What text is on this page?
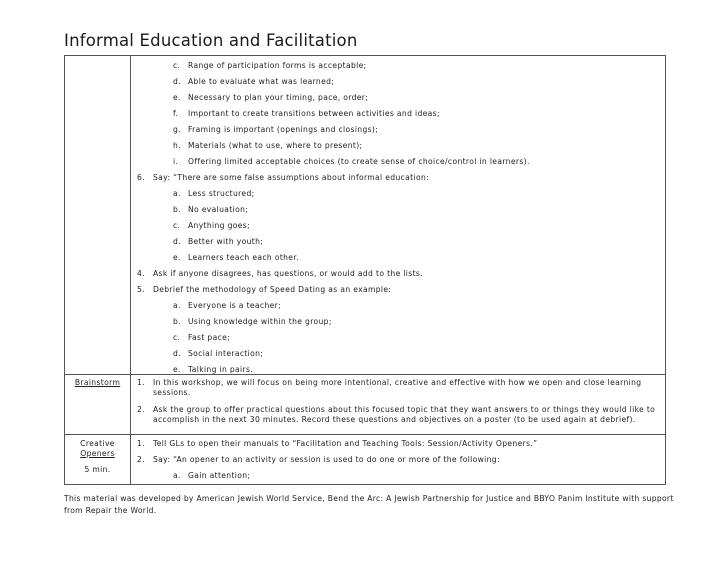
Informal Education and Facilitation
c. Range of participation forms is acceptable;
d. Able to evaluate what was learned;
e. Necessary to plan your timing, pace, order;
f. Important to create transitions between activities and ideas;
g. Framing is important (openings and closings);
h. Materials (what to use, where to present);
i. Offering limited acceptable choices (to create sense of choice/control in learners).
6. Say: “There are some false assumptions about informal education:
a. Less structured;
b. No evaluation;
c. Anything goes;
d. Better with youth;
e. Learners teach each other.
4. Ask if anyone disagrees, has questions, or would add to the lists.
5. Debrief the methodology of Speed Dating as an example:
a. Everyone is a teacher;
b. Using knowledge within the group;
c. Fast pace;
d. Social interaction;
e. Talking in pairs.
Brainstorm	1. In this workshop, we will focus on being more intentional, creative and effective with how we open and close learning sessions.
2. Ask the group to offer practical questions about this focused topic that they want answers to or things they would like to accomplish in the next 30 minutes. Record these questions and objectives on a poster (to be used again at debrief).
Creative
Openers
5 min.
1. Tell GLs to open their manuals to “Facilitation and Teaching Tools: Session/Activity Openers.”
2. Say: “An opener to an activity or session is used to do one or more of the following:
a. Gain attention;
This material was developed by American Jewish World Service, Bend the Arc: A Jewish Partnership for Justice and BBYO Panim Institute with support from Repair the World.
